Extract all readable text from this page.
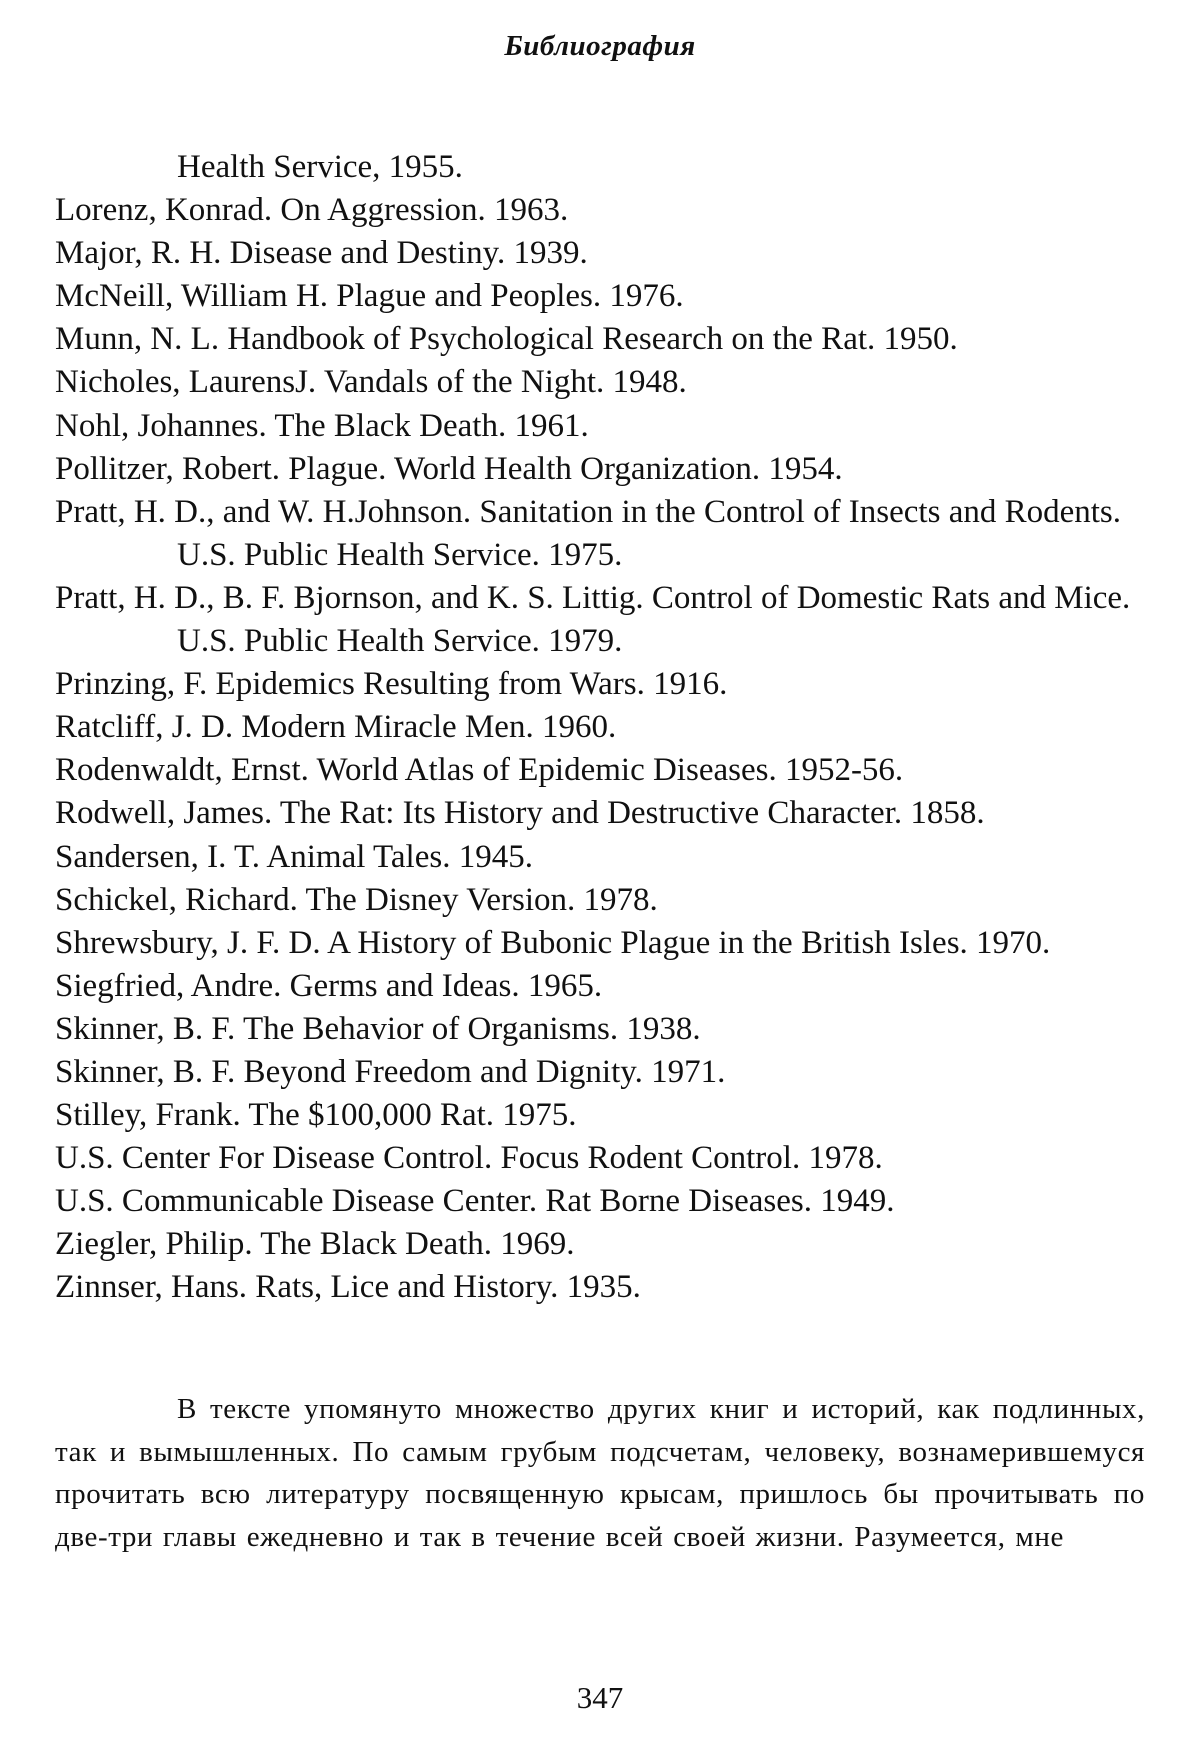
Библиография
Health Service, 1955.
Lorenz, Konrad. On Aggression. 1963.
Major, R. H. Disease and Destiny. 1939.
McNeill, William H. Plague and Peoples. 1976.
Munn, N. L. Handbook of Psychological Research on the Rat. 1950.
Nicholes, LaurensJ. Vandals of the Night. 1948.
Nohl, Johannes. The Black Death. 1961.
Pollitzer, Robert. Plague. World Health Organization. 1954.
Pratt, H. D., and W. H.Johnson. Sanitation in the Control of Insects and Rodents. U.S. Public Health Service. 1975.
Pratt, H. D., B. F. Bjornson, and K. S. Littig. Control of Domestic Rats and Mice. U.S. Public Health Service. 1979.
Prinzing, F. Epidemics Resulting from Wars. 1916.
Ratcliff, J. D. Modern Miracle Men. 1960.
Rodenwaldt, Ernst. World Atlas of Epidemic Diseases. 1952-56.
Rodwell, James. The Rat: Its History and Destructive Character. 1858.
Sandersen, I. T. Animal Tales. 1945.
Schickel, Richard. The Disney Version. 1978.
Shrewsbury, J. F. D. A History of Bubonic Plague in the British Isles. 1970.
Siegfried, Andre. Germs and Ideas. 1965.
Skinner, B. F. The Behavior of Organisms. 1938.
Skinner, B. F. Beyond Freedom and Dignity. 1971.
Stilley, Frank. The $100,000 Rat. 1975.
U.S. Center For Disease Control. Focus Rodent Control. 1978.
U.S. Communicable Disease Center. Rat Borne Diseases. 1949.
Ziegler, Philip. The Black Death. 1969.
Zinnser, Hans. Rats, Lice and History. 1935.

В тексте упомянуто множество других книг и историй, как подлинных, так и вымышленных. По самым грубым подсчетам, человеку, вознамерившемуся прочитать всю литературу посвященную крысам, пришлось бы прочитывать по две-три главы ежедневно и так в течение всей своей жизни. Разумеется, мне

347
